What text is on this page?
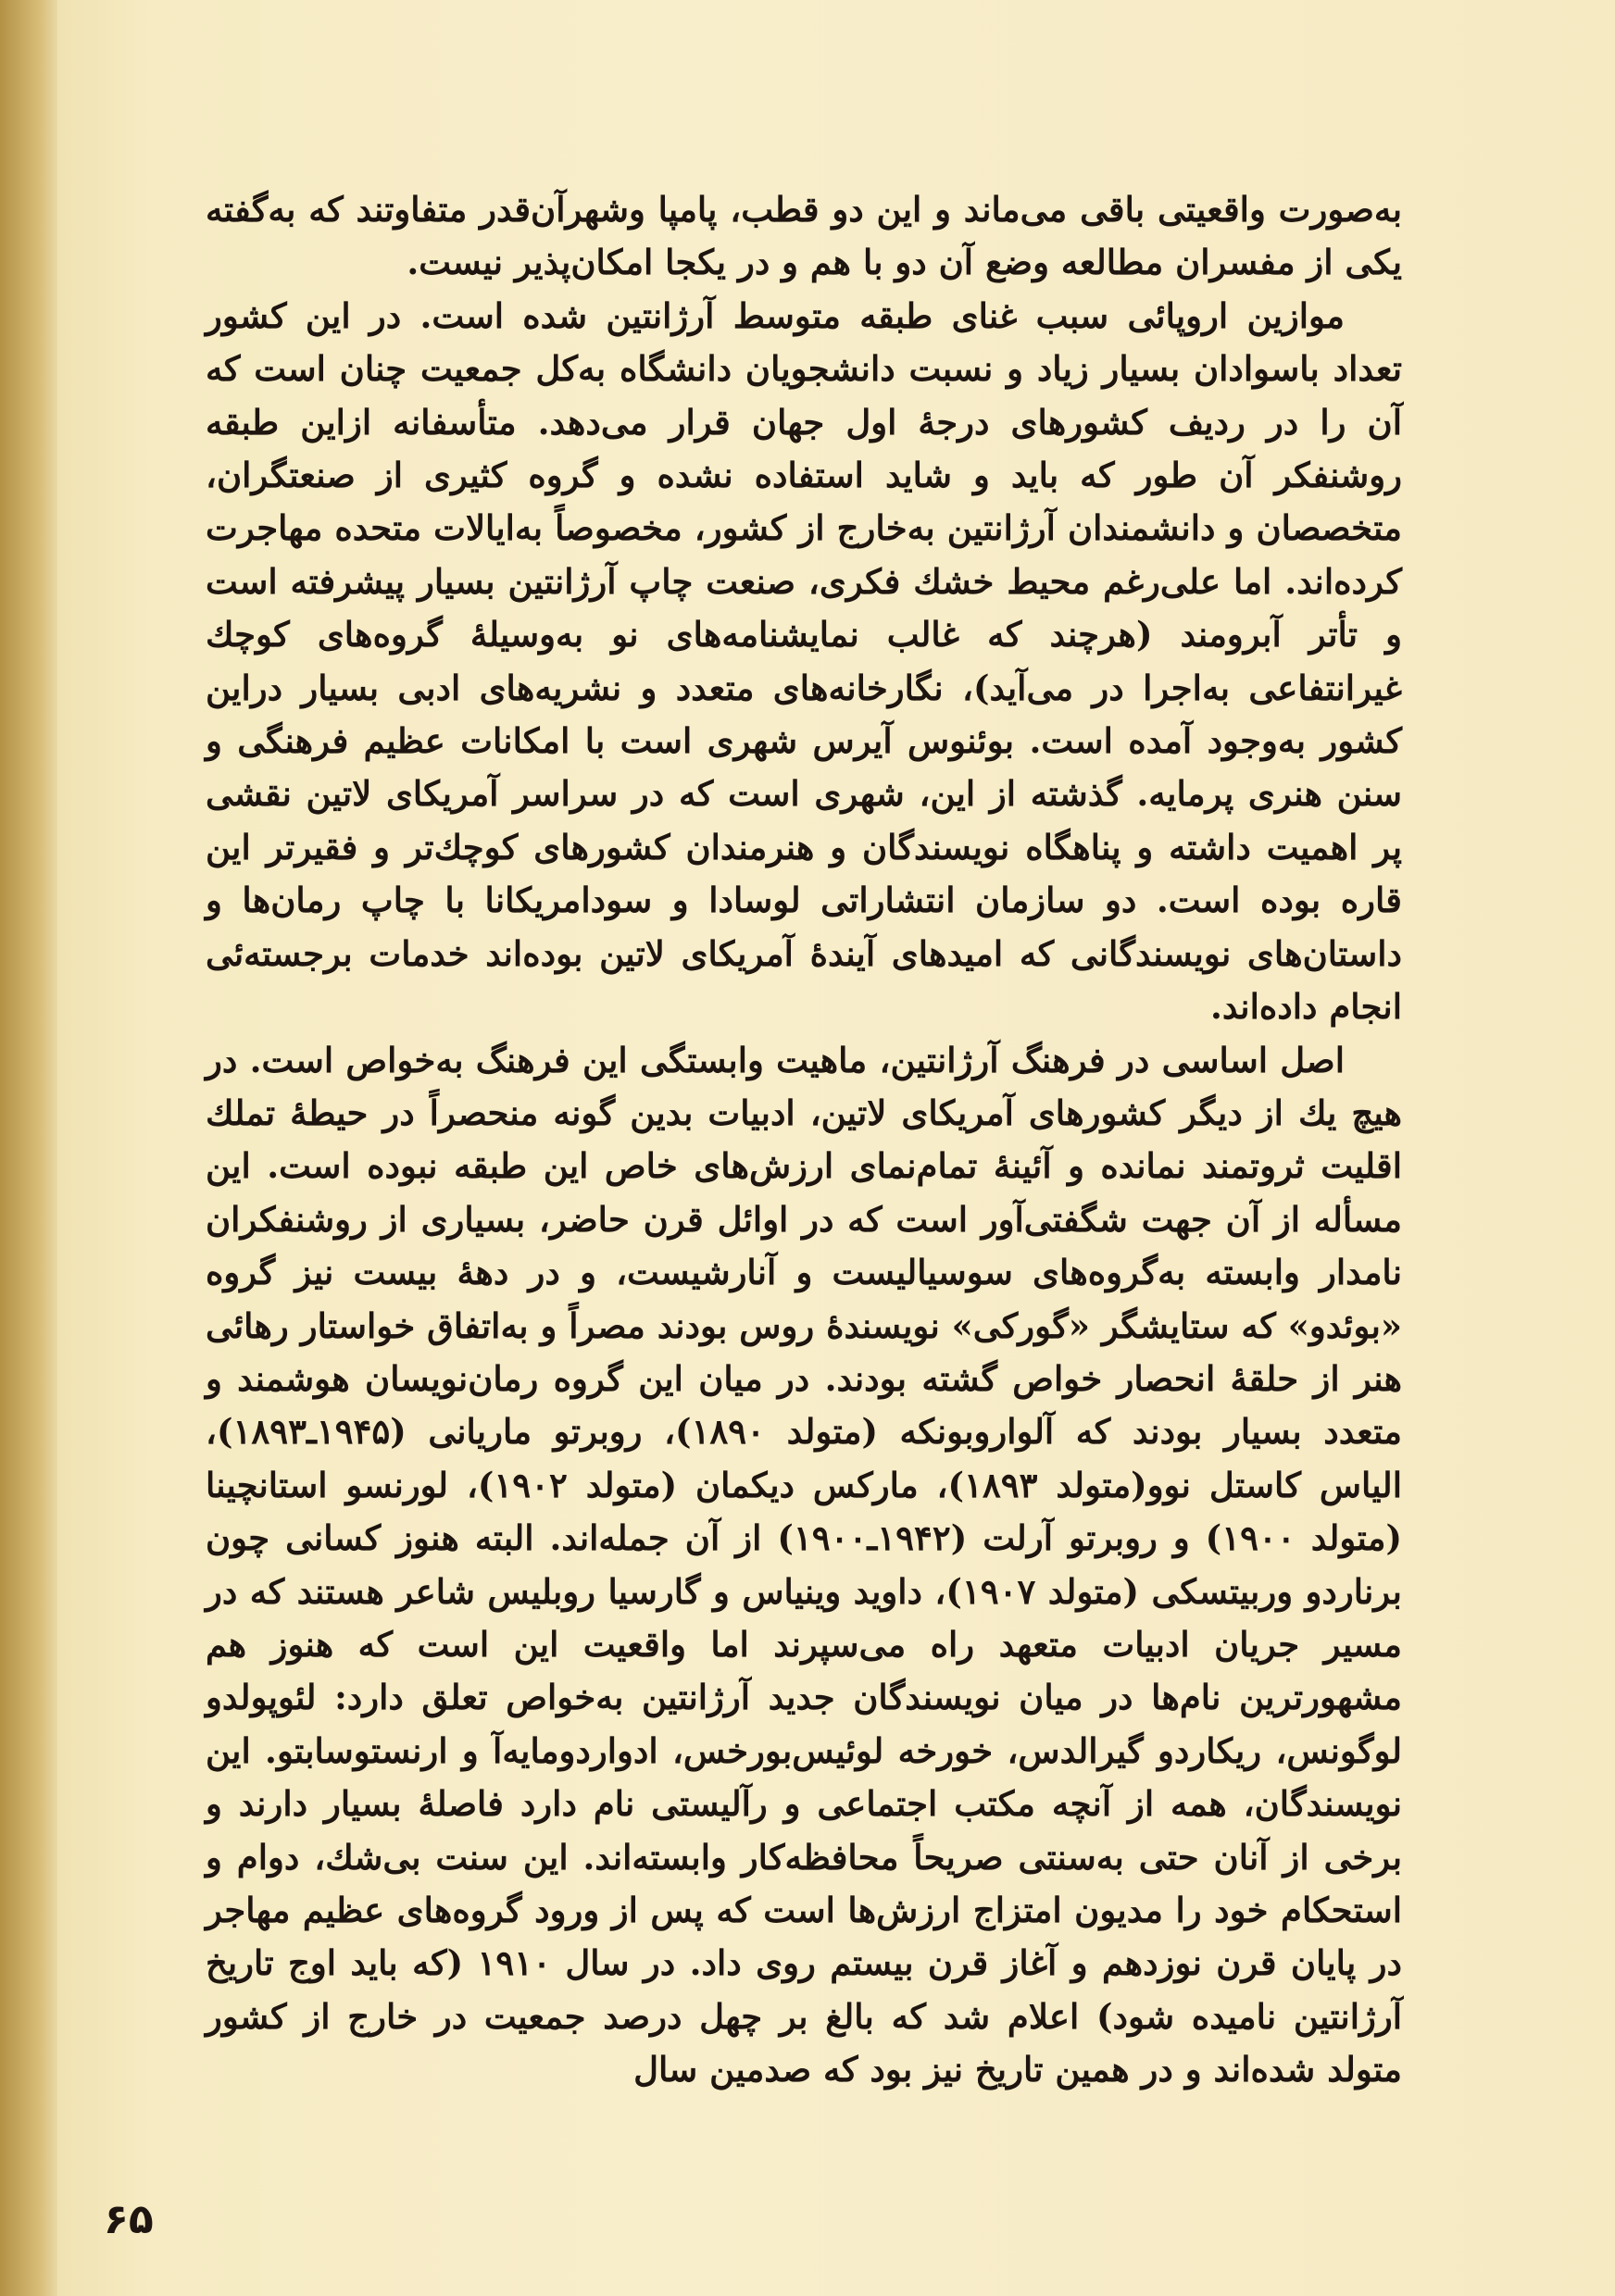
به‌صورت واقعیتی باقی می‌ماند و این دو قطب، پامپا وشهرآن‌قدر متفاوتند که به‌گفته یکی از مفسران مطالعه وضع آن دو با هم و در یکجا امکان‌پذیر نیست.

موازین اروپائی سبب غنای طبقه متوسط آرژانتین شده است. در این کشور تعداد باسوادان بسیار زیاد و نسبت دانشجویان دانشگاه به‌کل جمعیت چنان است که آن را در ردیف کشورهای درجهٔ اول جهان قرار می‌دهد. متأسفانه ازاین طبقه روشنفکر آن طور که باید و شاید استفاده نشده و گروه کثیری از صنعتگران، متخصصان و دانشمندان آرژانتین به‌خارج از کشور، مخصوصاً به‌ایالات متحده مهاجرت کرده‌اند. اما علی‌رغم محیط خشك فکری، صنعت چاپ آرژانتین بسیار پیشرفته است و تأتر آبرومند (هرچند که غالب نمایشنامه‌های نو به‌وسیلهٔ گروه‌های کوچك غیرانتفاعی به‌اجرا در می‌آید)، نگارخانه‌های متعدد و نشریه‌های ادبی بسیار دراین کشور به‌وجود آمده است. بوئنوس آیرس شهری است با امکانات عظیم فرهنگی و سنن هنری پرمایه. گذشته از این، شهری است که در سراسر آمریکای لاتین نقشی پر اهمیت داشته و پناهگاه نویسندگان و هنرمندان کشورهای کوچك‌تر و فقیرتر این قاره بوده است. دو سازمان انتشاراتی لوسادا و سودامریکانا با چاپ رمان‌ها و داستان‌های نویسندگانی که امیدهای آیندهٔ آمریکای لاتین بوده‌اند خدمات برجسته‌ئی انجام داده‌اند.

اصل اساسی در فرهنگ آرژانتین، ماهیت وابستگی این فرهنگ به‌خواص است. در هیچ یك از دیگر کشورهای آمریکای لاتین، ادبیات بدین گونه منحصراً در حیطهٔ تملك اقلیت ثروتمند نمانده و آئینهٔ تمام‌نمای ارزش‌های خاص این طبقه نبوده است. این مسأله از آن جهت شگفتی‌آور است که در اوائل قرن حاضر، بسیاری از روشنفکران نامدار وابسته به‌گروه‌های سوسیالیست و آنارشیست، و در دههٔ بیست نیز گروه «بوئدو» که ستایشگر «گورکی» نویسندهٔ روس بودند مصراً و به‌اتفاق خواستار رهائی هنر از حلقهٔ انحصار خواص گشته بودند. در میان این گروه رمان‌نویسان هوشمند و متعدد بسیار بودند که آلواروبونکه (متولد ۱۸۹۰)، روبرتو ماریانی (۱۹۴۵ـ۱۸۹۳)، الیاس کاستل نوو(متولد ۱۸۹۳)، مارکس دیکمان (متولد ۱۹۰۲)، لورنسو استانچینا (متولد ۱۹۰۰) و روبرتو آرلت (۱۹۴۲ـ۱۹۰۰) از آن جمله‌اند. البته هنوز کسانی چون برناردو وربیتسکی (متولد ۱۹۰۷)، داوید وینیاس و گارسیا روبلیس شاعر هستند که در مسیر جریان ادبیات متعهد راه می‌سپرند اما واقعیت این است که هنوز هم مشهورترین نام‌ها در میان نویسندگان جدید آرژانتین به‌خواص تعلق دارد: لئوپولدو لوگونس، ریکاردو گیرالدس، خورخه لوئیس‌بورخس، ادواردومایه‌آ و ارنستوسابتو. این نویسندگان، همه از آنچه مکتب اجتماعی و رآلیستی نام دارد فاصلهٔ بسیار دارند و برخی از آنان حتی به‌سنتی صریحاً محافظه‌کار وابسته‌اند. این سنت بی‌شك، دوام و استحکام خود را مدیون امتزاج ارزش‌ها است که پس از ورود گروه‌های عظیم مهاجر در پایان قرن نوزدهم و آغاز قرن بیستم روی داد. در سال ۱۹۱۰ (که باید اوج تاریخ آرژانتین نامیده شود) اعلام شد که بالغ بر چهل درصد جمعیت در خارج از کشور متولد شده‌اند و در همین تاریخ نیز بود که صدمین سال

۶۵
